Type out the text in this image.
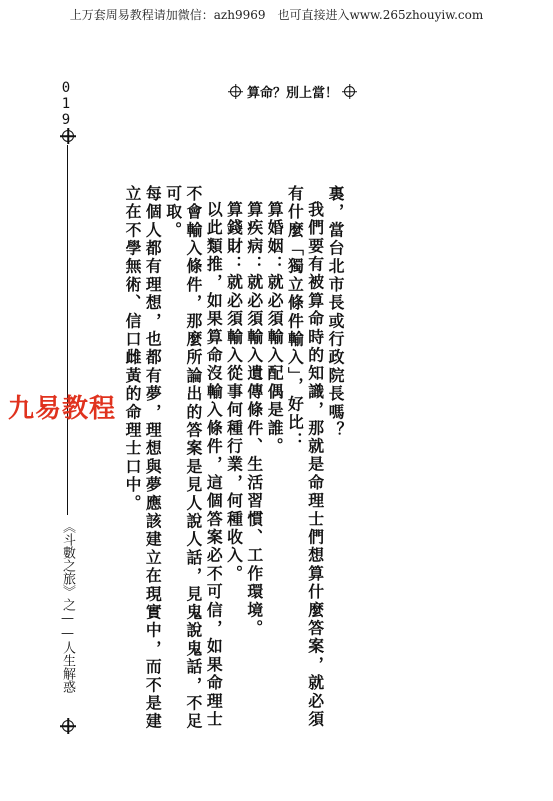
上万套周易教程请加微信：azh9969　也可直接进入www.265zhouyiw.com
0
1
9
《斗數之旅》之——人生解惑
算命？別上當！

裏，當台北市長或行政院長嗎？

我們要有被算命時的知識，那就是命理士們想算什麼答案，就必須有什麼「獨立條件輸入」，好比：

算婚姻：就必須輸入配偶是誰。

算疾病：就必須輸入遺傳條件、生活習慣、工作環境。

算錢財：就必須輸入從事何種行業，何種收入。

以此類推，如果算命沒輸入條件，這個答案必不可信，如果命理士不會輸入條件，那麼所論出的答案是見人說人話，見鬼說鬼話，不足可取。

每個人都有理想，也都有夢，理想與夢應該建立在現實中，而不是建立在不學無術、信口雌黃的命理士口中。

九易教程
